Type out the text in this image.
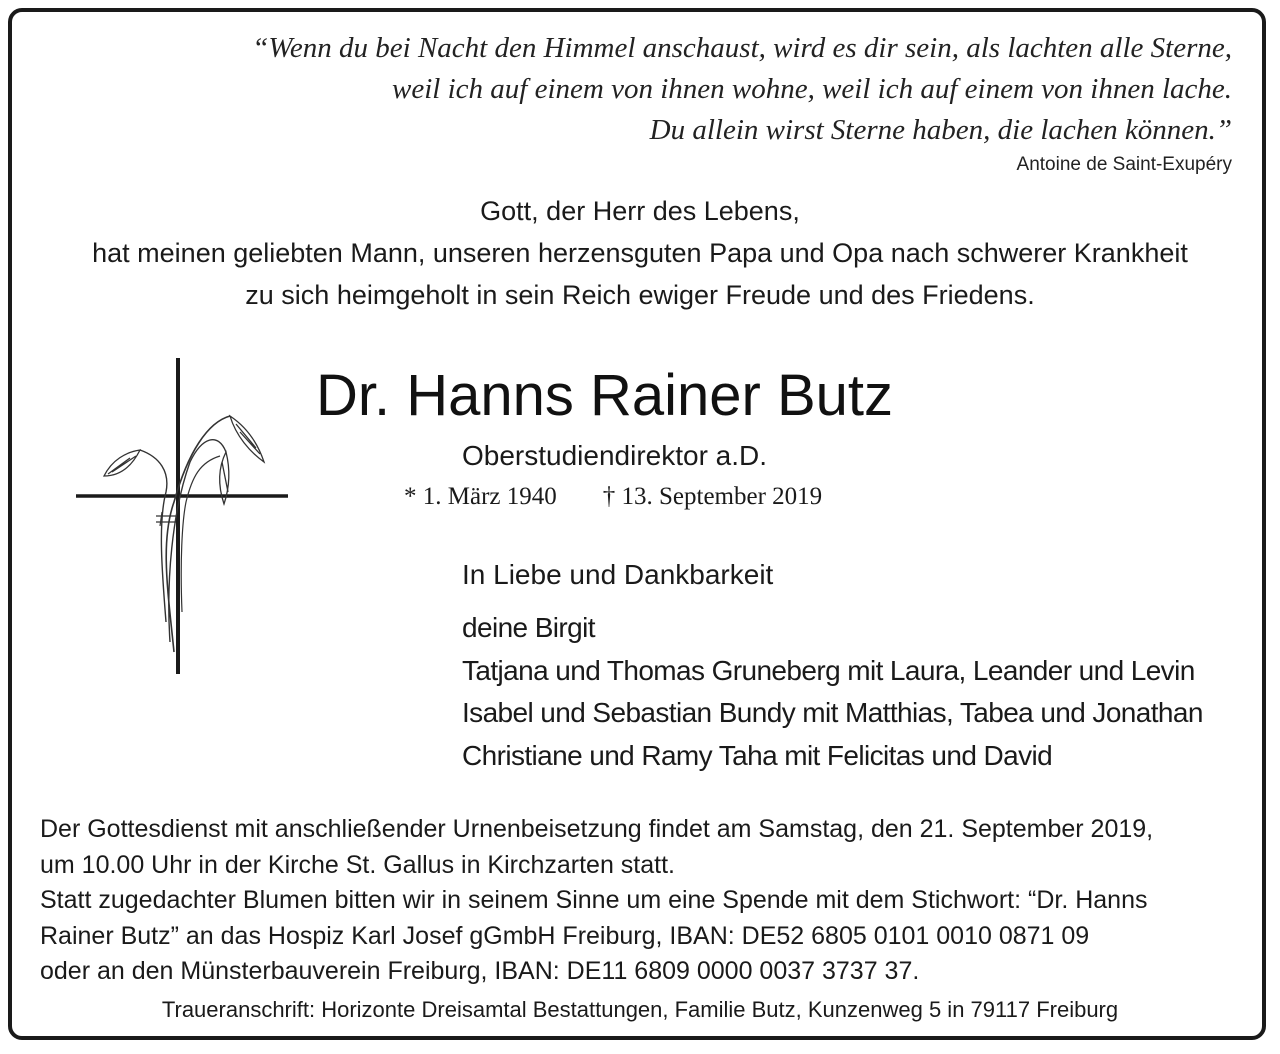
“Wenn du bei Nacht den Himmel anschaust, wird es dir sein, als lachten alle Sterne,
weil ich auf einem von ihnen wohne, weil ich auf einem von ihnen lache.
Du allein wirst Sterne haben, die lachen können.”
Antoine de Saint-Exupéry
Gott, der Herr des Lebens,
hat meinen geliebten Mann, unseren herzensguten Papa und Opa nach schwerer Krankheit
zu sich heimgeholt in sein Reich ewiger Freude und des Friedens.
Dr. Hanns Rainer Butz
Oberstudiendirektor a.D.
* 1. März 1940 † 13. September 2019
In Liebe und Dankbarkeit
deine Birgit
Tatjana und Thomas Gruneberg mit Laura, Leander und Levin
Isabel und Sebastian Bundy mit Matthias, Tabea und Jonathan
Christiane und Ramy Taha mit Felicitas und David
Der Gottesdienst mit anschließender Urnenbeisetzung findet am Samstag, den 21. September 2019,
um 10.00 Uhr in der Kirche St. Gallus in Kirchzarten statt.
Statt zugedachter Blumen bitten wir in seinem Sinne um eine Spende mit dem Stichwort: “Dr. Hanns
Rainer Butz” an das Hospiz Karl Josef gGmbH Freiburg, IBAN: DE52 6805 0101 0010 0871 09
oder an den Münsterbauverein Freiburg, IBAN: DE11 6809 0000 0037 3737 37.
Traueranschrift: Horizonte Dreisamtal Bestattungen, Familie Butz, Kunzenweg 5 in 79117 Freiburg
